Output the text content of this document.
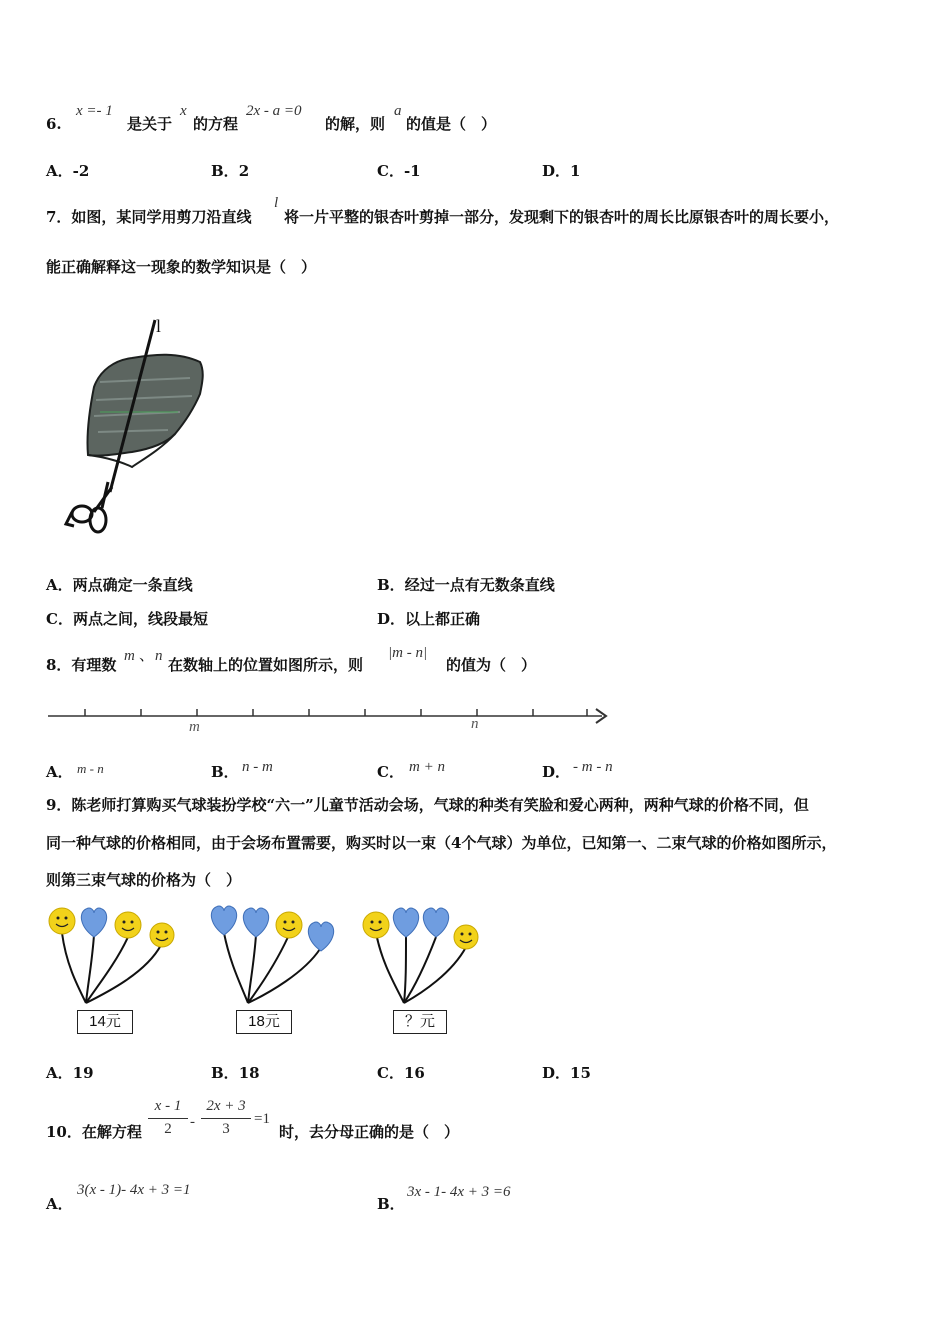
6.
x =- 1
是关于
x
的方程
2x - a =0
的解，则
a
的值是（　）
A．-2	B．2	C．-1	D．1
7．如图，某同学用剪刀沿直线
l
将一片平整的银杏叶剪掉一部分，发现剩下的银杏叶的周长比原银杏叶的周长要小，
能正确解释这一现象的数学知识是（　）
l
A．两点确定一条直线	B．经过一点有无数条直线
C．两点之间，线段最短	D．以上都正确
8．有理数 m 、 n 在数轴上的位置如图所示，则
|m - n|
的值为（　）
m	n
A． m - n	B． n - m	C． m + n	D． - m - n
9．陈老师打算购买气球装扮学校“六一”儿童节活动会场，气球的种类有笑脸和爱心两种，两种气球的价格不同，但
同一种气球的价格相同，由于会场布置需要，购买时以一束（4个气球）为单位，已知第一、二束气球的价格如图所示，
则第三束气球的价格为（　）
14元	18元	？元
A．19	B．18	C．16	D．15
10．在解方程
x - 1
2	-
2x + 3
3
=1
时，去分母正确的是（　）
A．
3(x - 1)- 4x + 3 =1
B．
3x - 1- 4x + 3 =6
